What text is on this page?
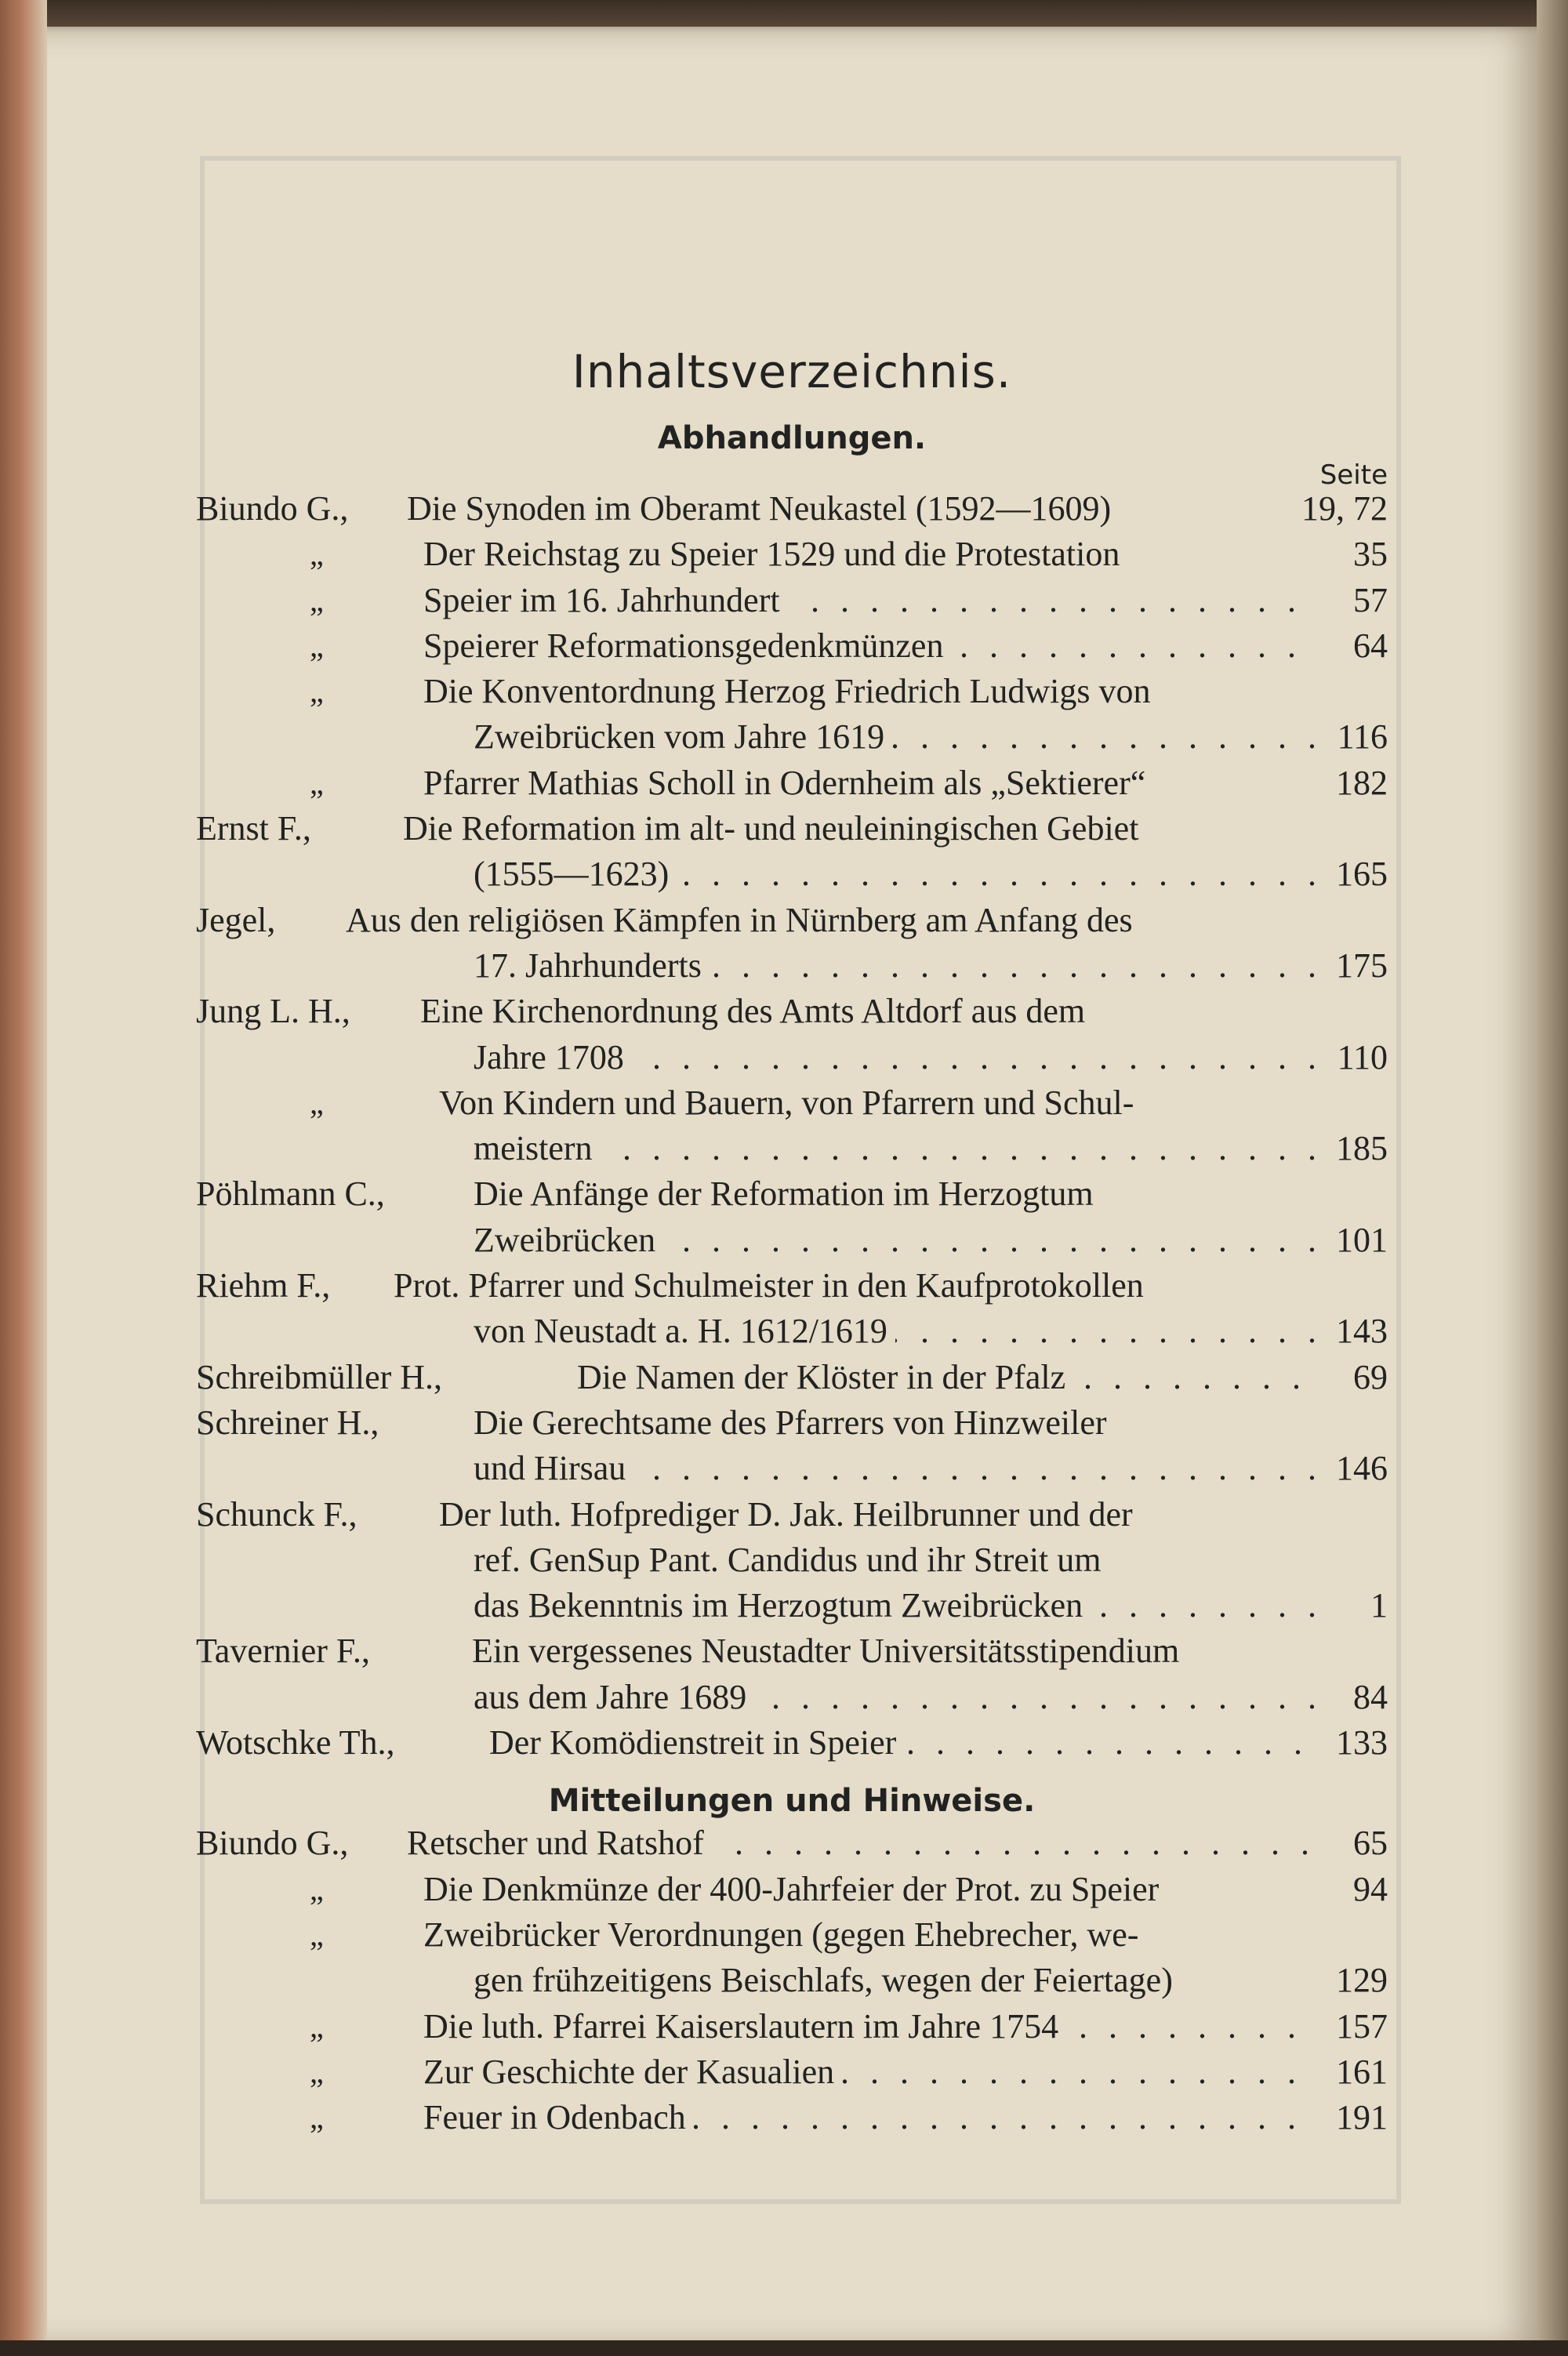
Inhaltsverzeichnis.
Abhandlungen.
Seite
Biundo G., Die Synoden im Oberamt Neukastel (1592—1609)	19, 72
„	Der Reichstag zu Speier 1529 und die Protestation	35
„	Speier im 16. Jahrhundert . . .	57
„	Speierer Reformationsgedenkmünzen . . .	64
„	Die Konventordnung Herzog Friedrich Ludwigs von
Zweibrücken vom Jahre 1619 . . .	116
„	Pfarrer Mathias Scholl in Odernheim als „Sektierer“	182
Ernst F.,	Die Reformation im alt- und neuleiningischen Gebiet
(1555—1623) . . .	165
Jegel, Aus den religiösen Kämpfen in Nürnberg am Anfang des
17. Jahrhunderts . . .	175
Jung L. H., Eine Kirchenordnung des Amts Altdorf aus dem
Jahre 1708 . . .	110
„	Von Kindern und Bauern, von Pfarrern und Schul-
meistern . . .	185
Pöhlmann C.,	Die Anfänge der Reformation im Herzogtum
Zweibrücken . . .	101
Riehm F., Prot. Pfarrer und Schulmeister in den Kaufprotokollen
von Neustadt a. H. 1612/1619 . . .	143
Schreibmüller H.,	Die Namen der Klöster in der Pfalz . . .	69
Schreiner H.,	Die Gerechtsame des Pfarrers von Hinzweiler
und Hirsau . . .	146
Schunck F., Der luth. Hofprediger D. Jak. Heilbrunner und der
ref. GenSup Pant. Candidus und ihr Streit um
das Bekenntnis im Herzogtum Zweibrücken . . .	1
Tavernier F.,	Ein vergessenes Neustadter Universitätsstipendium
aus dem Jahre 1689 . . .	84
Wotschke Th.,	Der Komödienstreit in Speier . . .	133
Mitteilungen und Hinweise.
Biundo G., Retscher und Ratshof . . .	65
„	Die Denkmünze der 400-Jahrfeier der Prot. zu Speier	94
„	Zweibrücker Verordnungen (gegen Ehebrecher, we-
gen frühzeitigens Beischlafs, wegen der Feiertage)	129
„	Die luth. Pfarrei Kaiserslautern im Jahre 1754 . . .	157
„	Zur Geschichte der Kasualien . . .	161
„	Feuer in Odenbach . . .	191
